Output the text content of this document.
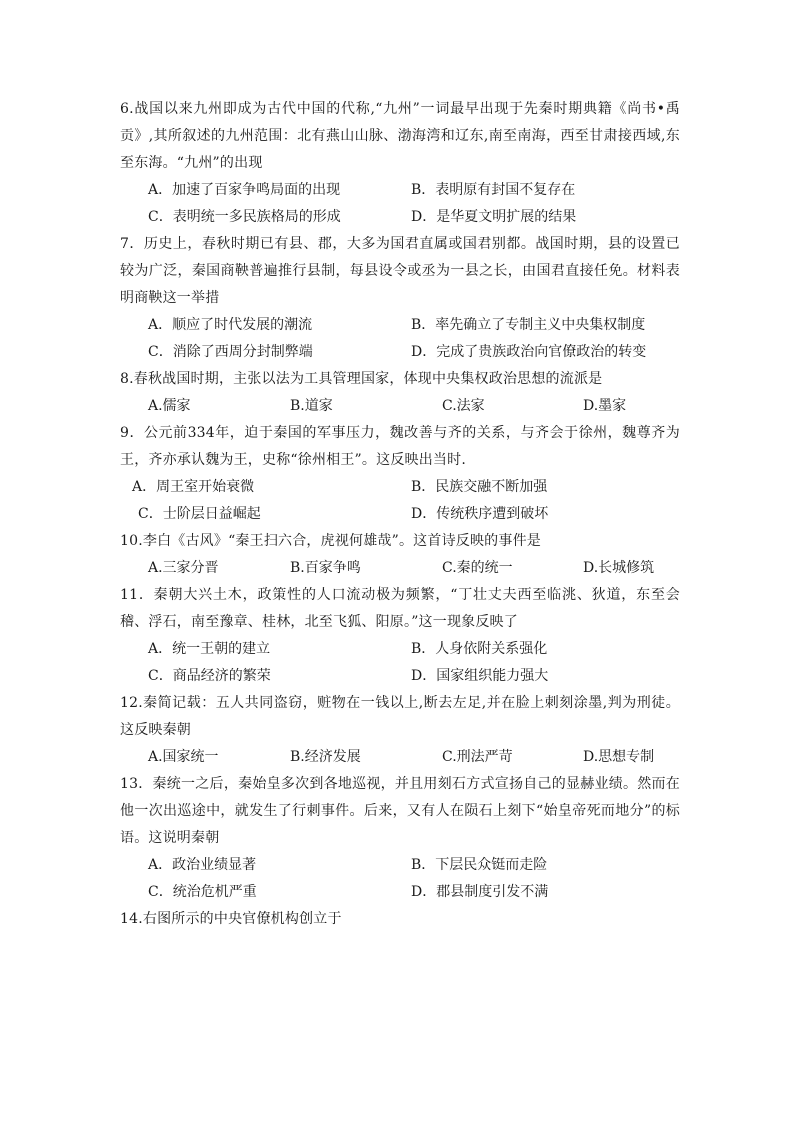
6.战国以来九州即成为古代中国的代称,“九州”一词最早出现于先秦时期典籍《尚书•禹贡》,其所叙述的九州范围：北有燕山山脉、渤海湾和辽东,南至南海，西至甘肃接西域,东至东海。“九州”的出现

A．加速了百家争鸣局面的出现	B．表明原有封国不复存在
C．表明统一多民族格局的形成	D．是华夏文明扩展的结果

7．历史上，春秋时期已有县、郡，大多为国君直属或国君别都。战国时期，县的设置已较为广泛，秦国商鞅普遍推行县制，每县设令或丞为一县之长，由国君直接任免。材料表明商鞅这一举措

A．顺应了时代发展的潮流	B．率先确立了专制主义中央集权制度
C．消除了西周分封制弊端	D．完成了贵族政治向官僚政治的转变

8.春秋战国时期，主张以法为工具管理国家，体现中央集权政治思想的流派是

A.儒家	B.道家	C.法家	D.墨家

9．公元前334年，迫于秦国的军事压力，魏改善与齐的关系，与齐会于徐州，魏尊齐为王，齐亦承认魏为王，史称“徐州相王”。这反映出当时.

A．周王室开始衰微	B．民族交融不断加强
C．士阶层日益崛起	D．传统秩序遭到破坏

10.李白《古风》“秦王扫六合，虎视何雄哉”。这首诗反映的事件是

A.三家分晋	B.百家争鸣	C.秦的统一	D.长城修筑

11．秦朝大兴土木，政策性的人口流动极为频繁，“丁壮丈夫西至临洮、狄道，东至会稽、浮石，南至豫章、桂林，北至飞狐、阳原。”这一现象反映了

A．统一王朝的建立	B．人身依附关系强化
C．商品经济的繁荣	D．国家组织能力强大

12.秦简记载：五人共同盗窃，赃物在一钱以上,断去左足,并在脸上刺刻涂墨,判为刑徒。这反映秦朝

A.国家统一	B.经济发展	C.刑法严苛	D.思想专制

13．秦统一之后，秦始皇多次到各地巡视，并且用刻石方式宣扬自己的显赫业绩。然而在他一次出巡途中，就发生了行刺事件。后来，又有人在陨石上刻下“始皇帝死而地分”的标语。这说明秦朝

A．政治业绩显著	B．下层民众铤而走险
C．统治危机严重	D．郡县制度引发不满

14.右图所示的中央官僚机构创立于
